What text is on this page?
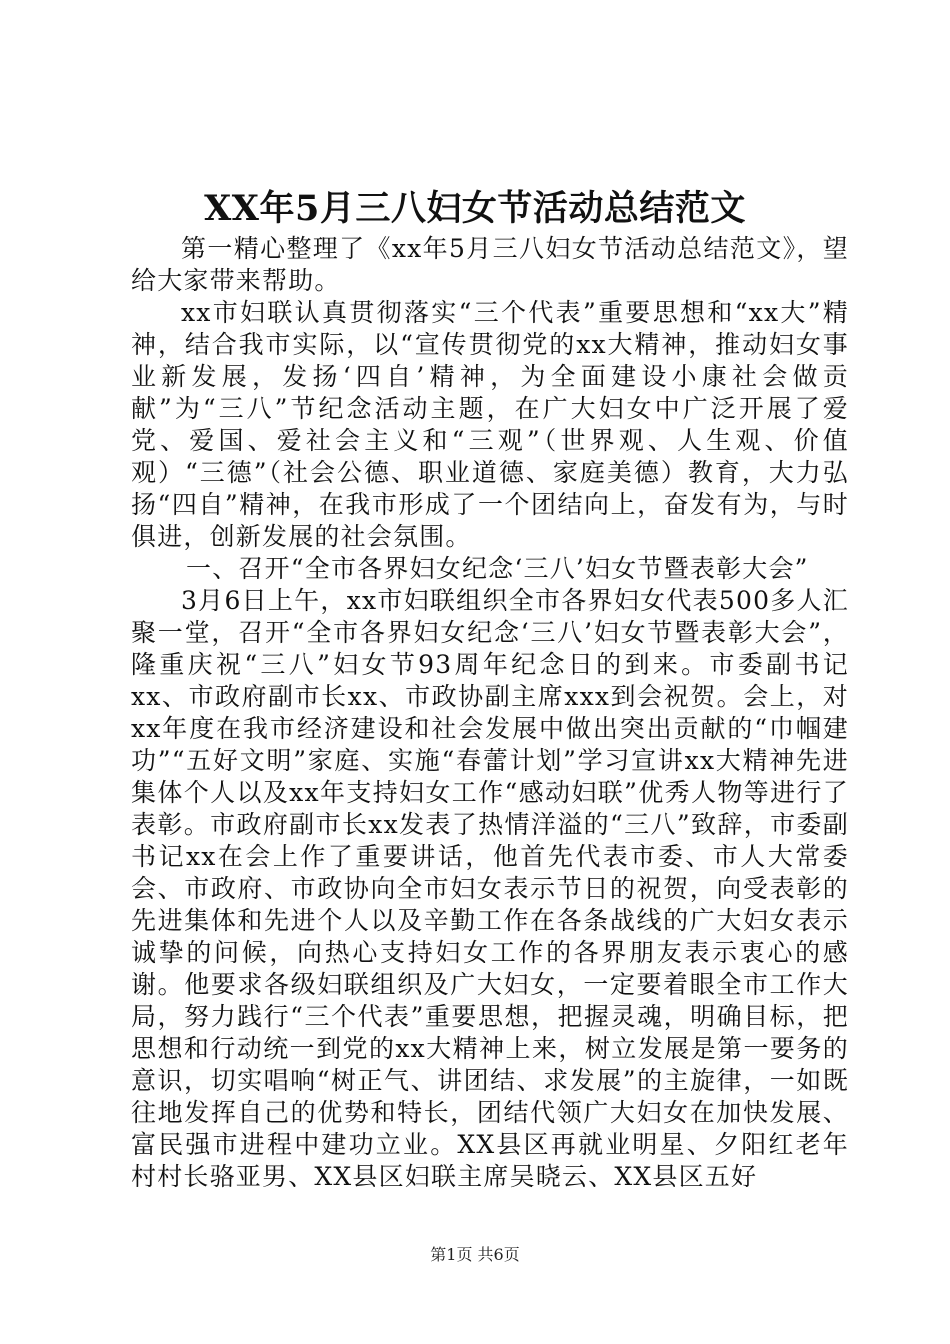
XX年5月三八妇女节活动总结范文

第一精心整理了《xx年5月三八妇女节活动总结范文》，望给大家带来帮助。

xx市妇联认真贯彻落实“三个代表”重要思想和“xx大”精神，结合我市实际，以“宣传贯彻党的xx大精神，推动妇女事业新发展，发扬‘四自’精神，为全面建设小康社会做贡献”为“三八”节纪念活动主题，在广大妇女中广泛开展了爱党、爱国、爱社会主义和“三观”（世界观、人生观、价值观）“三德”（社会公德、职业道德、家庭美德）教育，大力弘扬“四自”精神，在我市形成了一个团结向上，奋发有为，与时俱进，创新发展的社会氛围。

一、召开“全市各界妇女纪念‘三八’妇女节暨表彰大会”

3月6日上午，xx市妇联组织全市各界妇女代表500多人汇聚一堂，召开“全市各界妇女纪念‘三八’妇女节暨表彰大会”，隆重庆祝“三八”妇女节93周年纪念日的到来。市委副书记xx、市政府副市长xx、市政协副主席xxx到会祝贺。会上，对xx年度在我市经济建设和社会发展中做出突出贡献的“巾帼建功”“五好文明”家庭、实施“春蕾计划”学习宣讲xx大精神先进集体个人以及xx年支持妇女工作“感动妇联”优秀人物等进行了表彰。市政府副市长xx发表了热情洋溢的“三八”致辞，市委副书记xx在会上作了重要讲话，他首先代表市委、市人大常委会、市政府、市政协向全市妇女表示节日的祝贺，向受表彰的先进集体和先进个人以及辛勤工作在各条战线的广大妇女表示诚挚的问候，向热心支持妇女工作的各界朋友表示衷心的感谢。他要求各级妇联组织及广大妇女，一定要着眼全市工作大局，努力践行“三个代表”重要思想，把握灵魂，明确目标，把思想和行动统一到党的xx大精神上来，树立发展是第一要务的意识，切实唱响“树正气、讲团结、求发展”的主旋律，一如既往地发挥自己的优势和特长，团结代领广大妇女在加快发展、富民强市进程中建功立业。XX县区再就业明星、夕阳红老年村村长骆亚男、XX县区妇联主席吴晓云、XX县区五好

第1页 共6页
